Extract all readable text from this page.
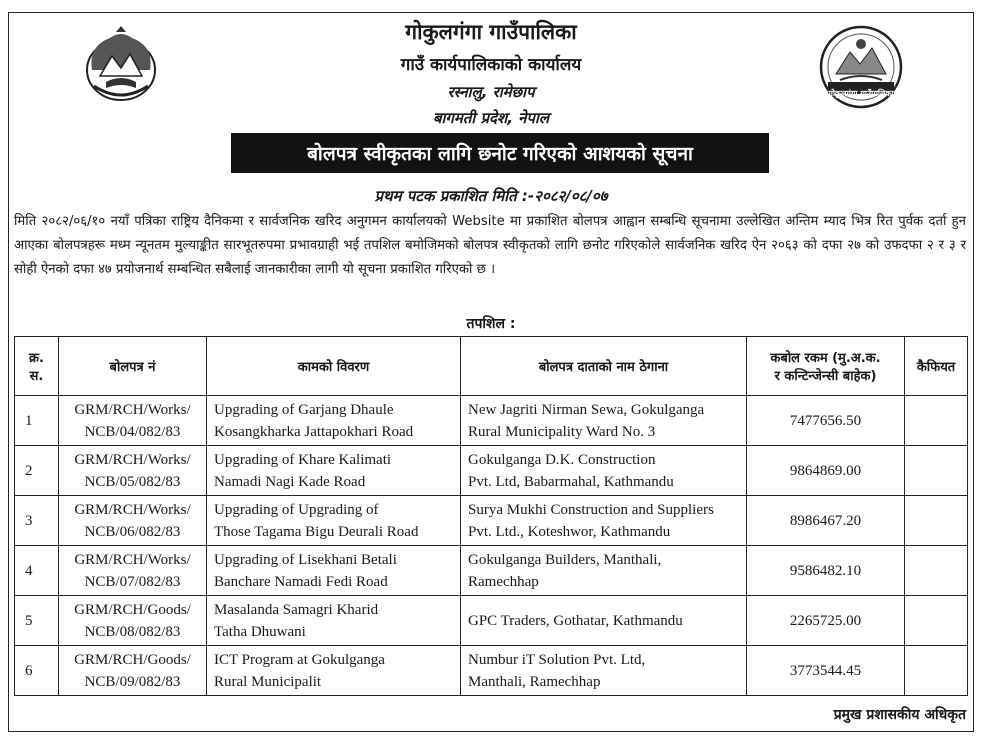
गोकुलगंगा गाउँपालिका
गोकुलगंगा गाउँपालिका
गाउँ कार्यपालिकाको कार्यालय
रस्नालु, रामेछाप
बागमती प्रदेश, नेपाल
बोलपत्र स्वीकृतका लागि छनोट गरिएको आशयको सूचना
प्रथम पटक प्रकाशित मिति :-२०८२/०८/०७

मिति २०८२/०६/१० नयाँ पत्रिका राष्ट्रिय दैनिकमा र सार्वजनिक खरिद अनुगमन कार्यालयको Website मा प्रकाशित बोलपत्र आह्वान सम्बन्धि सूचनामा उल्लेखित अन्तिम म्याद भित्र रित पुर्वक दर्ता हुन आएका बोलपत्रहरू मध्म न्यूनतम मुल्याङ्कीत सारभूतरुपमा प्रभावग्राही भई तपशिल बमोजिमको बोलपत्र स्वीकृतको लागि छनोट गरिएकोले सार्वजनिक खरिद ऐन २०६३ को दफा २७ को उफदफा २ र ३ र सोही ऐनको दफा ४७ प्रयोजनार्थ सम्बन्धित सबैलाई जानकारीका लागी यो सूचना प्रकाशित गरिएको छ ।

तपशिल :
क्र.
स.	बोलपत्र नं	कामको विवरण	बोलपत्र दाताको नाम ठेगाना	कबोल रकम (मु.अ.क.
र कन्टिन्जेन्सी बाहेक)	कैफियत
1	GRM/RCH/Works/
NCB/04/082/83	Upgrading of Garjang Dhaule
Kosangkharka Jattapokhari Road	New Jagriti Nirman Sewa, Gokulganga
Rural Municipality Ward No. 3	7477656.50	
2	GRM/RCH/Works/
NCB/05/082/83	Upgrading of Khare Kalimati
Namadi Nagi Kade Road	Gokulganga D.K. Construction
Pvt. Ltd, Babarmahal, Kathmandu	9864869.00	
3	GRM/RCH/Works/
NCB/06/082/83	Upgrading of Upgrading of
Those Tagama Bigu Deurali Road	Surya Mukhi Construction and Suppliers
Pvt. Ltd., Koteshwor, Kathmandu	8986467.20	
4	GRM/RCH/Works/
NCB/07/082/83	Upgrading of Lisekhani Betali
Banchare Namadi Fedi Road	Gokulganga Builders, Manthali,
Ramechhap	9586482.10	
5	GRM/RCH/Goods/
NCB/08/082/83	Masalanda Samagri Kharid
Tatha Dhuwani	GPC Traders, Gothatar, Kathmandu	2265725.00	
6	GRM/RCH/Goods/
NCB/09/082/83	ICT Program at Gokulganga
Rural Municipalit	Numbur iT Solution Pvt. Ltd,
Manthali, Ramechhap	3773544.45	
प्रमुख प्रशासकीय अधिकृत
